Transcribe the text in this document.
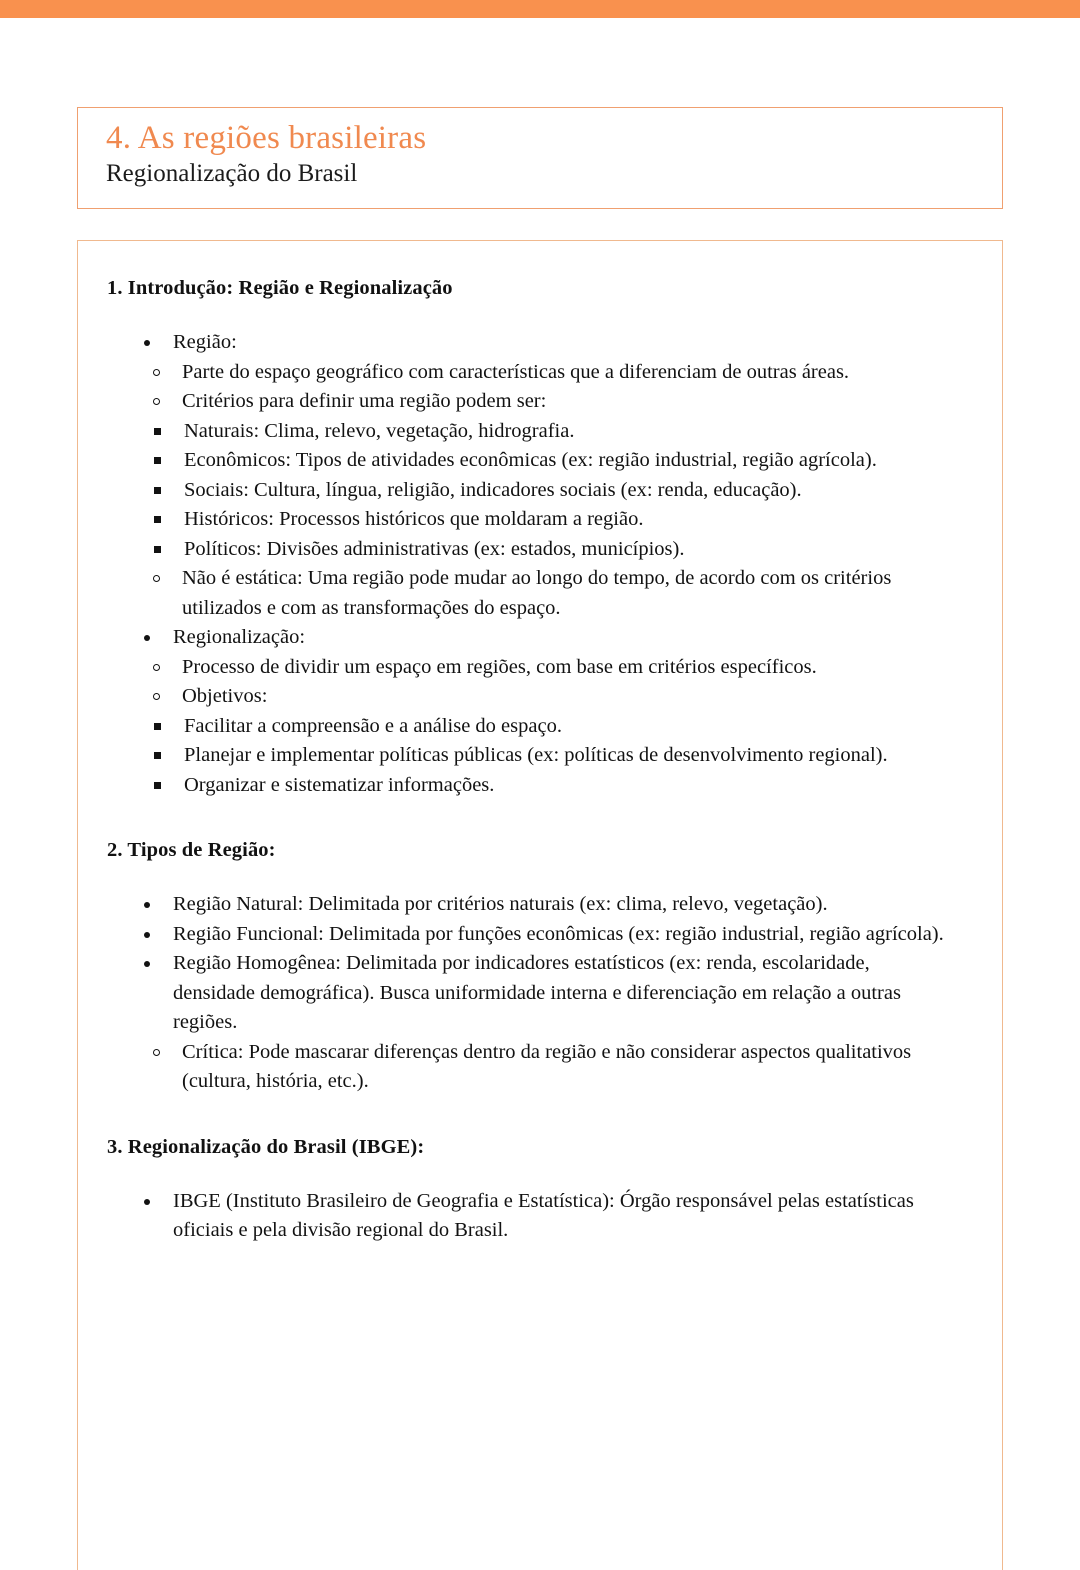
4. As regiões brasileiras
Regionalização do Brasil
1. Introdução: Região e Regionalização
Região:
Parte do espaço geográfico com características que a diferenciam de outras áreas.
Critérios para definir uma região podem ser:
Naturais: Clima, relevo, vegetação, hidrografia.
Econômicos: Tipos de atividades econômicas (ex: região industrial, região agrícola).
Sociais: Cultura, língua, religião, indicadores sociais (ex: renda, educação).
Históricos: Processos históricos que moldaram a região.
Políticos: Divisões administrativas (ex: estados, municípios).
Não é estática: Uma região pode mudar ao longo do tempo, de acordo com os critérios utilizados e com as transformações do espaço.
Regionalização:
Processo de dividir um espaço em regiões, com base em critérios específicos.
Objetivos:
Facilitar a compreensão e a análise do espaço.
Planejar e implementar políticas públicas (ex: políticas de desenvolvimento regional).
Organizar e sistematizar informações.
2. Tipos de Região:
Região Natural: Delimitada por critérios naturais (ex: clima, relevo, vegetação).
Região Funcional: Delimitada por funções econômicas (ex: região industrial, região agrícola).
Região Homogênea: Delimitada por indicadores estatísticos (ex: renda, escolaridade, densidade demográfica). Busca uniformidade interna e diferenciação em relação a outras regiões.
Crítica: Pode mascarar diferenças dentro da região e não considerar aspectos qualitativos (cultura, história, etc.).
3. Regionalização do Brasil (IBGE):
IBGE (Instituto Brasileiro de Geografia e Estatística): Órgão responsável pelas estatísticas oficiais e pela divisão regional do Brasil.
